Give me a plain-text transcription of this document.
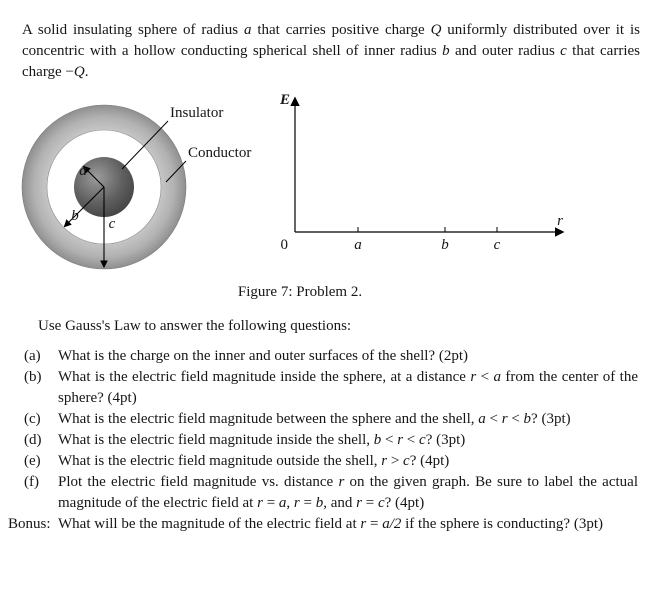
A solid insulating sphere of radius a that carries positive charge Q uniformly distributed over it is concentric with a hollow conducting spherical shell of inner radius b and outer radius c that carries charge −Q.

a
b c
Insulator
Conductor
E
0	a	b	c
r
Figure 7: Problem 2.
Use Gauss's Law to answer the following questions:
(a) What is the charge on the inner and outer surfaces of the shell? (2pt)
(b) What is the electric field magnitude inside the sphere, at a distance r < a from the center of the sphere? (4pt)
(c) What is the electric field magnitude between the sphere and the shell, a < r < b? (3pt)
(d) What is the electric field magnitude inside the shell, b < r < c? (3pt)
(e) What is the electric field magnitude outside the shell, r > c? (4pt)
(f) Plot the electric field magnitude vs. distance r on the given graph. Be sure to label the actual magnitude of the electric field at r = a, r = b, and r = c? (4pt)
Bonus: What will be the magnitude of the electric field at r = a/2 if the sphere is conducting? (3pt)
